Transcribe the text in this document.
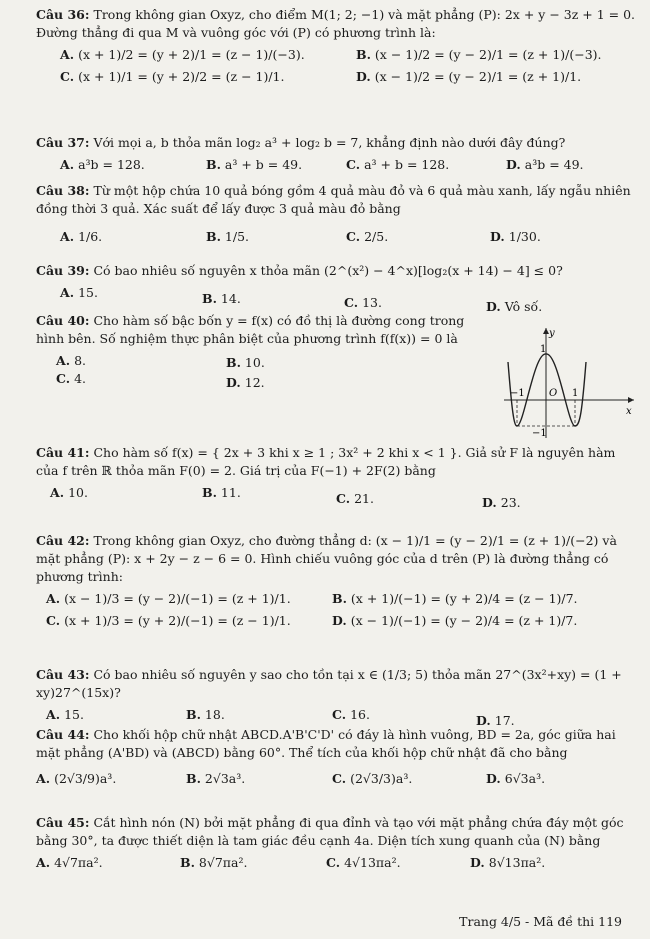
Câu 36: Trong không gian Oxyz, cho điểm M(1; 2; −1) và mặt phẳng (P): 2x + y − 3z + 1 = 0. Đường thẳng đi qua M và vuông góc với (P) có phương trình là:
A. (x + 1)/2 = (y + 2)/1 = (z − 1)/(−3).	B. (x − 1)/2 = (y − 2)/1 = (z + 1)/(−3).
C. (x + 1)/1 = (y + 2)/2 = (z − 1)/1.	D. (x − 1)/2 = (y − 2)/1 = (z + 1)/1.
Câu 37: Với mọi a, b thỏa mãn log₂ a³ + log₂ b = 7, khẳng định nào dưới đây đúng?
A. a³b = 128.	B. a³ + b = 49.	C. a³ + b = 128.	D. a³b = 49.
Câu 38: Từ một hộp chứa 10 quả bóng gồm 4 quả màu đỏ và 6 quả màu xanh, lấy ngẫu nhiên đồng thời 3 quả. Xác suất để lấy được 3 quả màu đỏ bằng
A. 1/6.	B. 1/5.	C. 2/5.	D. 1/30.
Câu 39: Có bao nhiêu số nguyên x thỏa mãn (2^(x²) − 4^x)[log₂(x + 14) − 4] ≤ 0?
A. 15.	B. 14.	C. 13.	D. Vô số.
Câu 40: Cho hàm số bậc bốn y = f(x) có đồ thị là đường cong trong hình bên. Số nghiệm thực phân biệt của phương trình f(f(x)) = 0 là
A. 8.	B. 10.
C. 4.	D. 12.
y
x
O
1
−1	1
−1
Câu 41: Cho hàm số f(x) = { 2x + 3 khi x ≥ 1 ; 3x² + 2 khi x < 1 }. Giả sử F là nguyên hàm của f trên ℝ thỏa mãn F(0) = 2. Giá trị của F(−1) + 2F(2) bằng
A. 10.	B. 11.	C. 21.	D. 23.
Câu 42: Trong không gian Oxyz, cho đường thẳng d: (x − 1)/1 = (y − 2)/1 = (z + 1)/(−2) và mặt phẳng (P): x + 2y − z − 6 = 0. Hình chiếu vuông góc của d trên (P) là đường thẳng có phương trình:
A. (x − 1)/3 = (y − 2)/(−1) = (z + 1)/1.	B. (x + 1)/(−1) = (y + 2)/4 = (z − 1)/7.
C. (x + 1)/3 = (y + 2)/(−1) = (z − 1)/1.	D. (x − 1)/(−1) = (y − 2)/4 = (z + 1)/7.
Câu 43: Có bao nhiêu số nguyên y sao cho tồn tại x ∈ (1/3; 5) thỏa mãn 27^(3x²+xy) = (1 + xy)27^(15x)?
A. 15.	B. 18.	C. 16.	D. 17.
Câu 44: Cho khối hộp chữ nhật ABCD.A'B'C'D' có đáy là hình vuông, BD = 2a, góc giữa hai mặt phẳng (A'BD) và (ABCD) bằng 60°. Thể tích của khối hộp chữ nhật đã cho bằng
A. (2√3/9)a³.	B. 2√3a³.	C. (2√3/3)a³.	D. 6√3a³.
Câu 45: Cắt hình nón (N) bởi mặt phẳng đi qua đỉnh và tạo với mặt phẳng chứa đáy một góc bằng 30°, ta được thiết diện là tam giác đều cạnh 4a. Diện tích xung quanh của (N) bằng
A. 4√7πa².	B. 8√7πa².	C. 4√13πa².	D. 8√13πa².
Trang 4/5 - Mã đề thi 119
